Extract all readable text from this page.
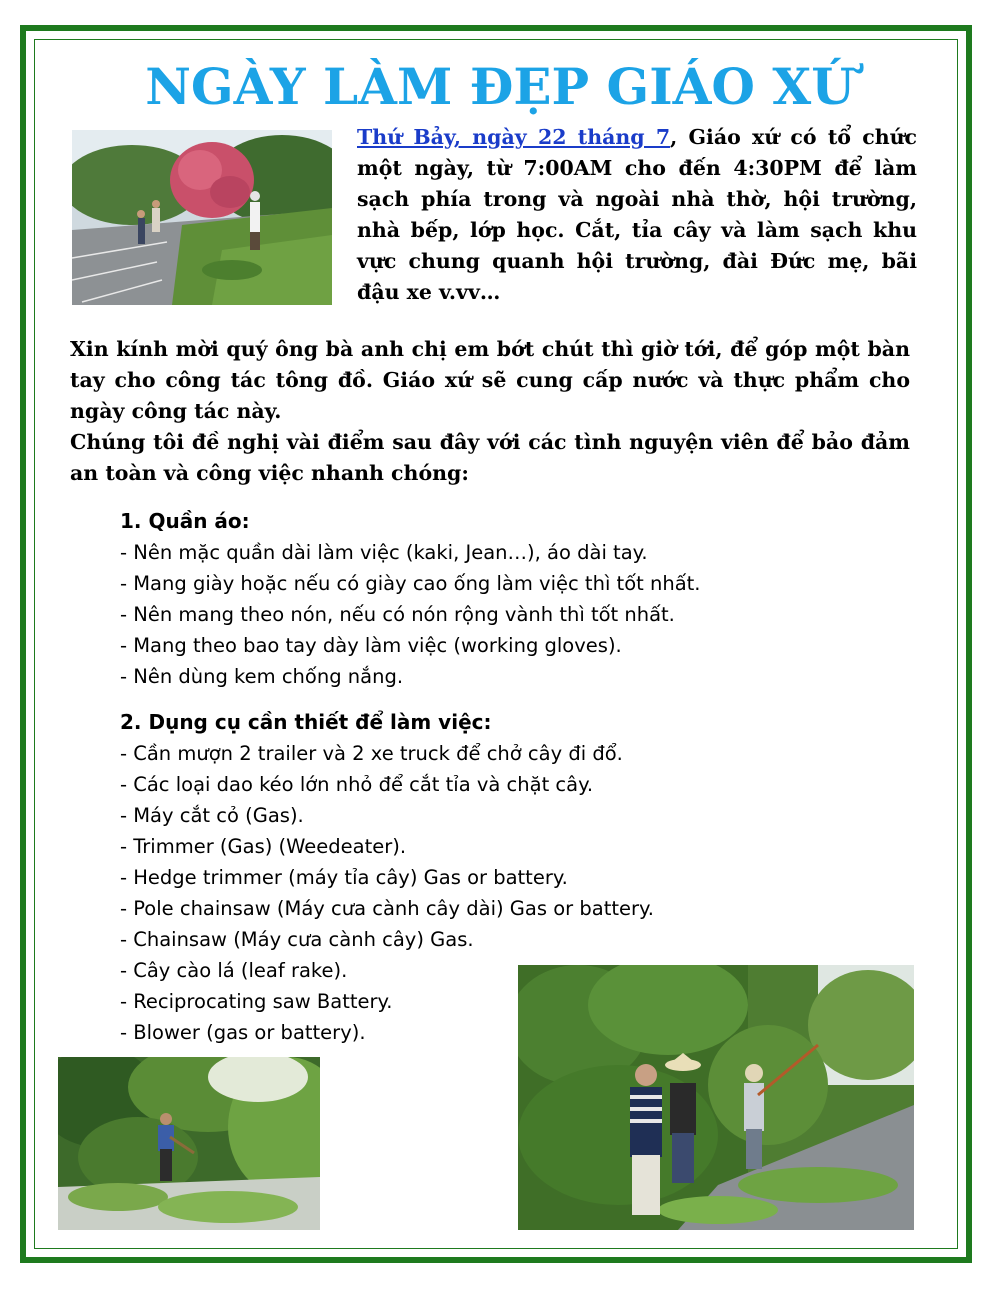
NGÀY LÀM ĐẸP GIÁO XỨ

Thứ Bảy, ngày 22 tháng 7, Giáo xứ có tổ chức một ngày, từ 7:00AM cho đến 4:30PM để làm sạch phía trong và ngoài nhà thờ, hội trường, nhà bếp, lớp học. Cắt, tỉa cây và làm sạch khu vực chung quanh hội trường, đài Đức mẹ, bãi đậu xe v.vv…

Xin kính mời quý ông bà anh chị em bớt chút thì giờ tới, để góp một bàn tay cho công tác tông đồ. Giáo xứ sẽ cung cấp nước và thực phẩm cho ngày công tác này.

Chúng tôi đề nghị vài điểm sau đây với các tình nguyện viên để bảo đảm an toàn và công việc nhanh chóng:

1. Quần áo:
- Nên mặc quần dài làm việc (kaki, Jean…), áo dài tay.
- Mang giày hoặc nếu có giày cao ống làm việc thì tốt nhất.
- Nên mang theo nón, nếu có nón rộng vành thì tốt nhất.
- Mang theo bao tay dày làm việc (working gloves).
- Nên dùng kem chống nắng.
2. Dụng cụ cần thiết để làm việc:
- Cần mượn 2 trailer và 2 xe truck để chở cây đi đổ.
- Các loại dao kéo lớn nhỏ để cắt tỉa và chặt cây.
- Máy cắt cỏ (Gas).
- Trimmer (Gas) (Weedeater).
- Hedge trimmer (máy tỉa cây) Gas or battery.
- Pole chainsaw (Máy cưa cành cây dài) Gas or battery.
- Chainsaw (Máy cưa cành cây) Gas.
- Cây cào lá (leaf rake).
- Reciprocating saw Battery.
- Blower (gas or battery).
